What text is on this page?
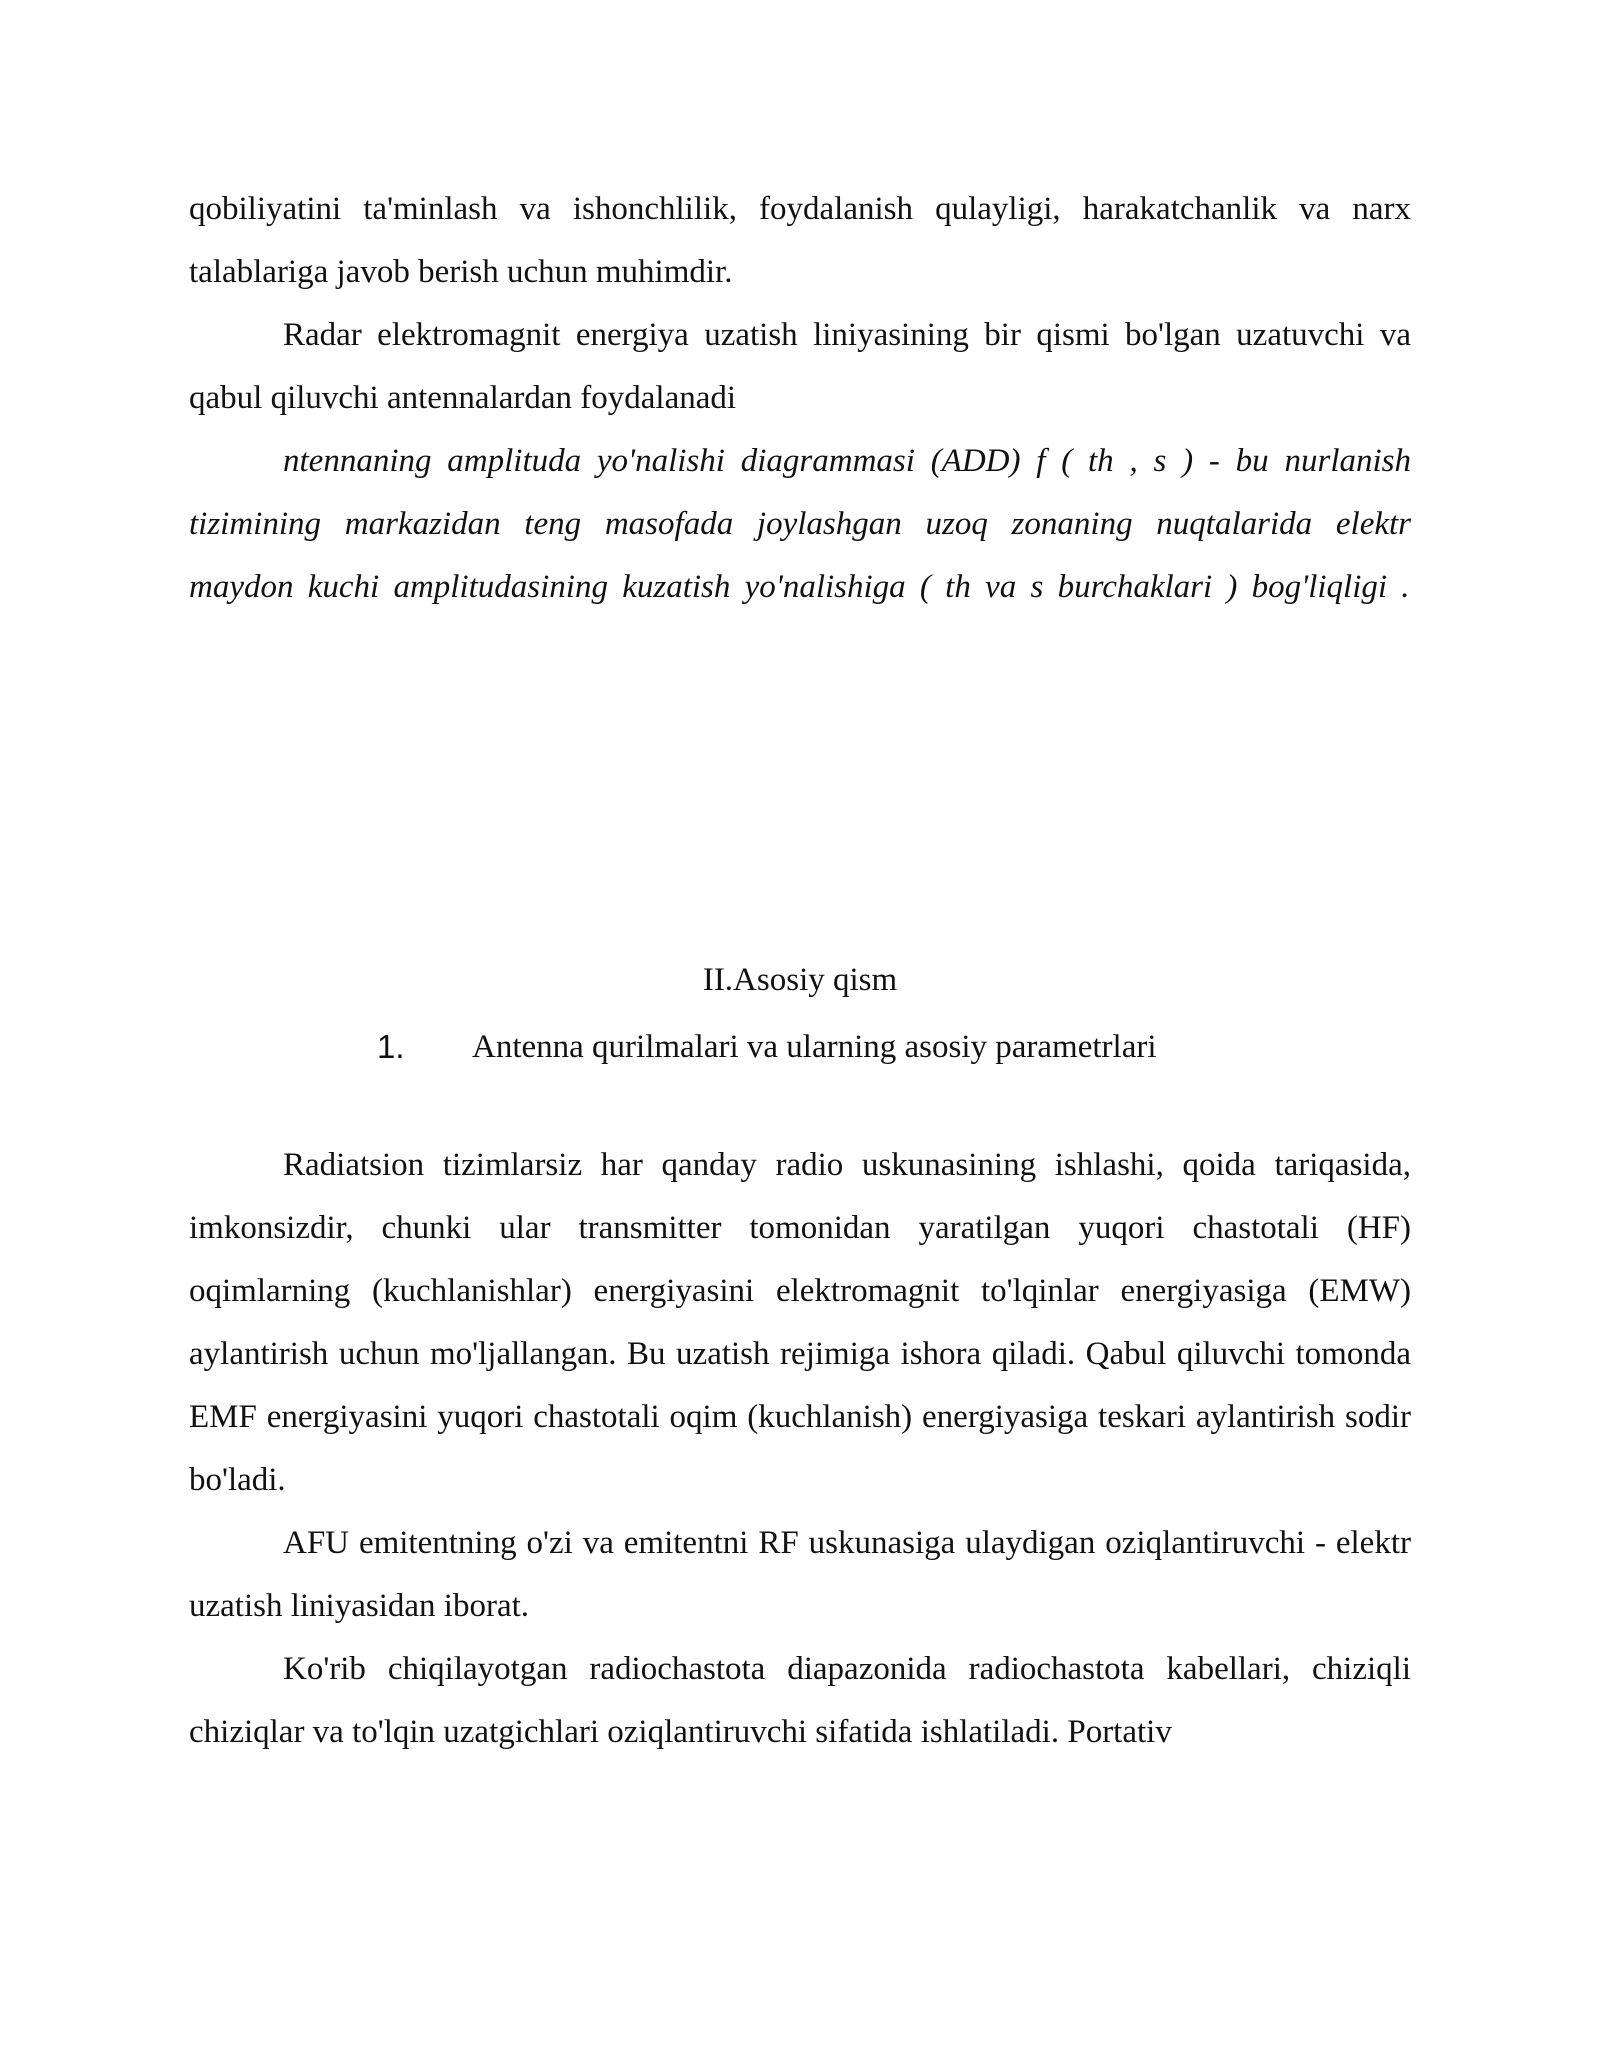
qobiliyatini ta'minlash va ishonchlilik, foydalanish qulayligi, harakatchanlik va narx talablariga javob berish uchun muhimdir.

Radar elektromagnit energiya uzatish liniyasining bir qismi bo'lgan uzatuvchi va qabul qiluvchi antennalardan foydalanadi

ntennaning amplituda yo'nalishi diagrammasi (ADD) f ( th , s ) - bu nurlanish tizimining markazidan teng masofada joylashgan uzoq zonaning nuqtalarida elektr maydon kuchi amplitudasining kuzatish yo'nalishiga ( th va s burchaklari ) bog'liqligi .

II.Asosiy qism

1. Antenna qurilmalari va ularning asosiy parametrlari

Radiatsion tizimlarsiz har qanday radio uskunasining ishlashi, qoida tariqasida, imkonsizdir, chunki ular transmitter tomonidan yaratilgan yuqori chastotali (HF) oqimlarning (kuchlanishlar) energiyasini elektromagnit to'lqinlar energiyasiga (EMW) aylantirish uchun mo'ljallangan. Bu uzatish rejimiga ishora qiladi. Qabul qiluvchi tomonda EMF energiyasini yuqori chastotali oqim (kuchlanish) energiyasiga teskari aylantirish sodir bo'ladi.

AFU emitentning o'zi va emitentni RF uskunasiga ulaydigan oziqlantiruvchi - elektr uzatish liniyasidan iborat.

Ko'rib chiqilayotgan radiochastota diapazonida radiochastota kabellari, chiziqli chiziqlar va to'lqin uzatgichlari oziqlantiruvchi sifatida ishlatiladi. Portativ
